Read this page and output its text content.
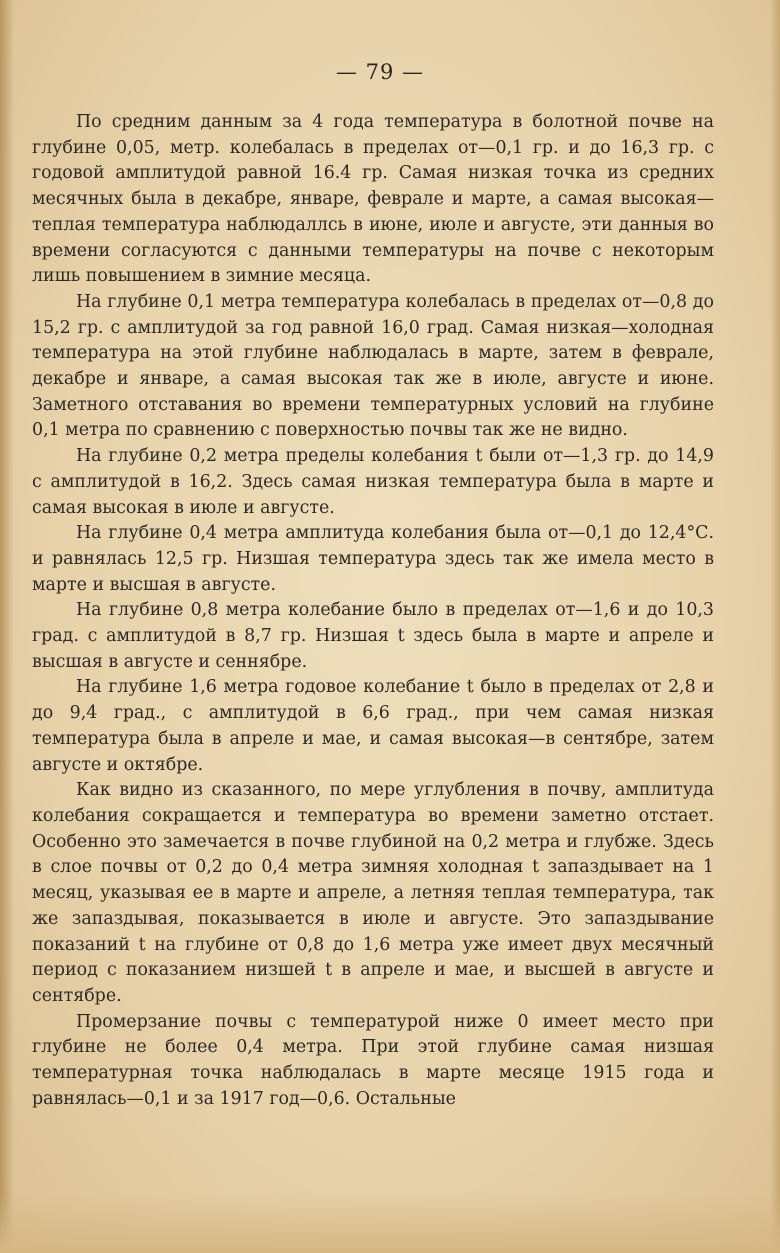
— 79 —

По средним данным за 4 года температура в болотной почве на глубине 0,05, метр. колебалась в пределах от—0,1 гр. и до 16,3 гр. с годовой амплитудой равной 16.4 гр. Самая низкая точка из средних месячных была в декабре, январе, феврале и марте, а самая высокая—теплая температура наблюдаллсь в июне, июле и августе, эти данныя во времени согласуются с данными температуры на почве с некоторым лишь повышением в зимние месяца.

На глубине 0,1 метра температура колебалась в пределах от—0,8 до 15,2 гр. с амплитудой за год равной 16,0 град. Самая низкая—холодная температура на этой глубине наблюдалась в марте, затем в феврале, декабре и январе, а самая высокая так же в июле, августе и июне. Заметного отставания во времени температурных условий на глубине 0,1 метра по сравнению с поверхностью почвы так же не видно.

На глубине 0,2 метра пределы колебания t были от—1,3 гр. до 14,9 с амплитудой в 16,2. Здесь самая низкая температура была в марте и самая высокая в июле и августе.

На глубине 0,4 метра амплитуда колебания была от—0,1 до 12,4°С. и равнялась 12,5 гр. Низшая температура здесь так же имела место в марте и высшая в августе.

На глубине 0,8 метра колебание было в пределах от—1,6 и до 10,3 град. с амплитудой в 8,7 гр. Низшая t здесь была в марте и апреле и высшая в августе и сеннябре.

На глубине 1,6 метра годовое колебание t было в пределах от 2,8 и до 9,4 град., с амплитудой в 6,6 град., при чем самая низкая температура была в апреле и мае, и самая высокая—в сентябре, затем августе и октябре.

Как видно из сказанного, по мере углубления в почву, амплитуда колебания сокращается и температура во времени заметно отстает. Особенно это замечается в почве глубиной на 0,2 метра и глубже. Здесь в слое почвы от 0,2 до 0,4 метра зимняя холодная t запаздывает на 1 месяц, указывая ее в марте и апреле, а летняя теплая температура, так же запаздывая, показывается в июле и августе. Это запаздывание показаний t на глубине от 0,8 до 1,6 метра уже имеет двух месячный период с показанием низшей t в апреле и мае, и высшей в августе и сентябре.

Промерзание почвы с температурой ниже 0 имеет место при глубине не более 0,4 метра. При этой глубине самая низшая температурная точка наблюдалась в марте месяце 1915 года и равнялась—0,1 и за 1917 год—0,6. Остальные
